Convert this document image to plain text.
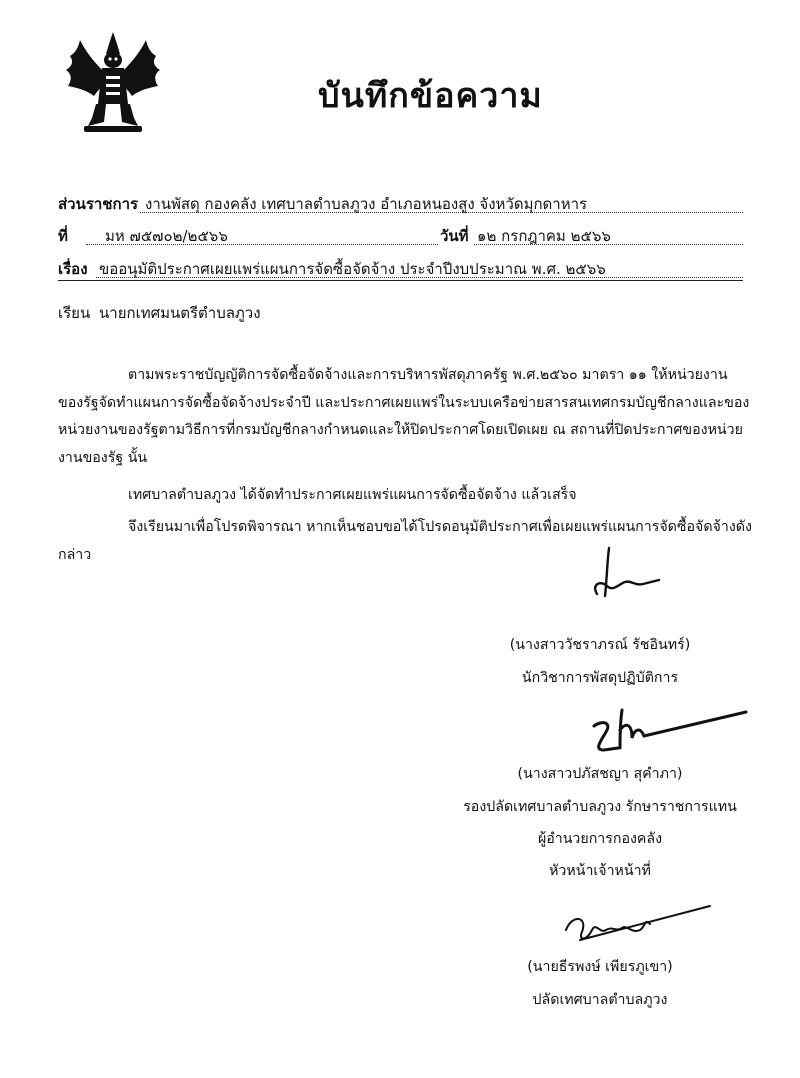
บันทึกข้อความ
ส่วนราชการ งานพัสดุ กองคลัง เทศบาลตำบลภูวง อำเภอหนองสูง จังหวัดมุกดาหาร
ที่ มห ๗๕๗๐๒/๒๕๖๖	วันที่ ๑๒ กรกฎาคม ๒๕๖๖
เรื่อง ขออนุมัติประกาศเผยแพร่แผนการจัดซื้อจัดจ้าง ประจำปีงบประมาณ พ.ศ. ๒๕๖๖
เรียน นายกเทศมนตรีตำบลภูวง
ตามพระราชบัญญัติการจัดซื้อจัดจ้างและการบริหารพัสดุภาครัฐ พ.ศ.๒๕๖๐ มาตรา ๑๑ ให้หน่วยงาน
ของรัฐจัดทำแผนการจัดซื้อจัดจ้างประจำปี และประกาศเผยแพร่ในระบบเครือข่ายสารสนเทศกรมบัญชีกลางและของ
หน่วยงานของรัฐตามวิธีการที่กรมบัญชีกลางกำหนดและให้ปิดประกาศโดยเปิดเผย ณ สถานที่ปิดประกาศของหน่วย
งานของรัฐ นั้น
เทศบาลตำบลภูวง ได้จัดทำประกาศเผยแพร่แผนการจัดซื้อจัดจ้าง แล้วเสร็จ
จึงเรียนมาเพื่อโปรดพิจารณา หากเห็นชอบขอได้โปรดอนุมัติประกาศเพื่อเผยแพร่แผนการจัดซื้อจัดจ้างดัง
กล่าว
(นางสาววัชราภรณ์ รัชอินทร์)
นักวิชาการพัสดุปฏิบัติการ
(นางสาวปภัสชญา สุคำภา)
รองปลัดเทศบาลตำบลภูวง รักษาราชการแทน
ผู้อำนวยการกองคลัง
หัวหน้าเจ้าหน้าที่
(นายธีรพงษ์ เพียรภูเขา)
ปลัดเทศบาลตำบลภูวง
